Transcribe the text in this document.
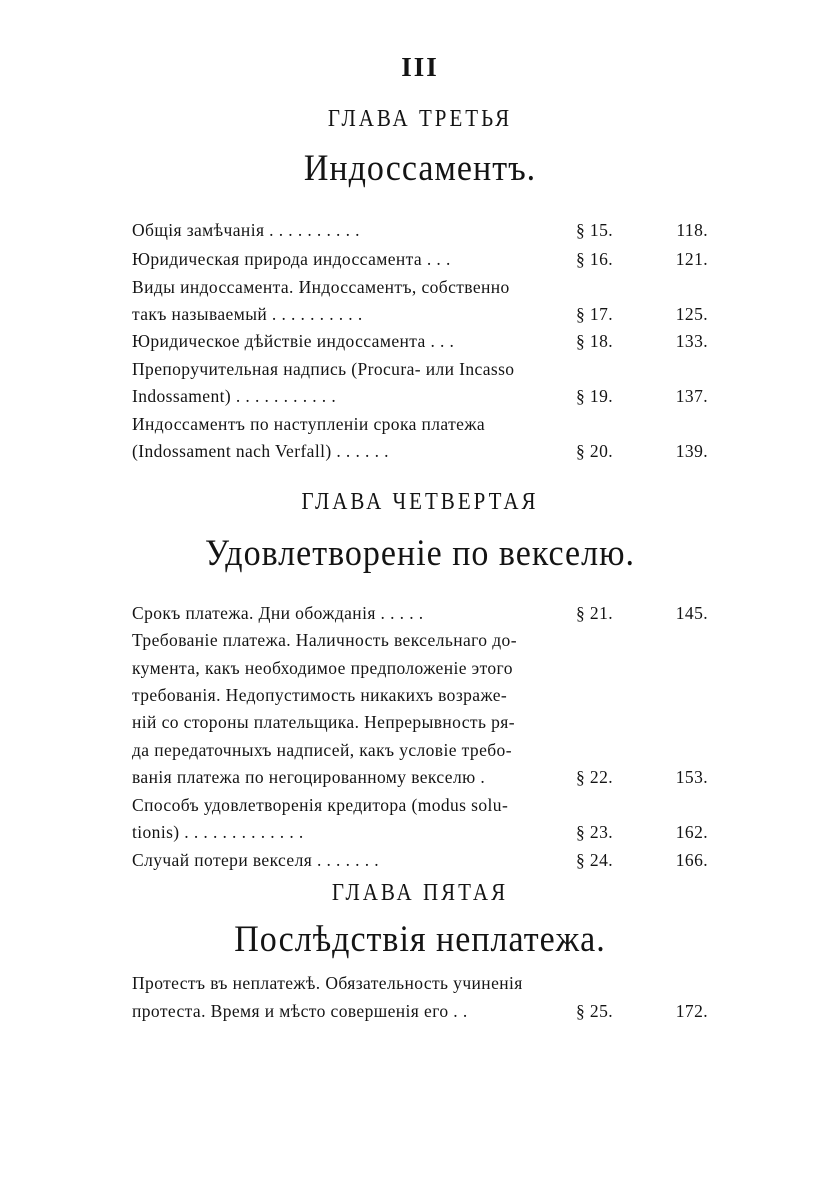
III
ГЛАВА ТРЕТЬЯ
Индоссаментъ.
Общія замѣчанія . . . . . . . . . .	§ 15.	118.
Юридическая природа индоссамента . . .	§ 16.	121.
Виды индоссамента. Индоссаментъ, собственно
такъ называемый . . . . . . . . . .	§ 17.	125.
Юридическое дѣйствіе индоссамента . . .	§ 18.	133.
Препоручительная надпись (Procura- или Incasso
Indossament) . . . . . . . . . . .	§ 19.	137.
Индоссаментъ по наступленіи срока платежа
(Indossament nach Verfall) . . . . . .	§ 20.	139.
ГЛАВА ЧЕТВЕРТАЯ
Удовлетвореніе по векселю.
Срокъ платежа. Дни обожданія . . . . .	§ 21.	145.
Требованіе платежа. Наличность вексельнаго до-
кумента, какъ необходимое предположеніе этого
требованія. Недопустимость никакихъ возраже-
ній со стороны плательщика. Непрерывность ря-
да передаточныхъ надписей, какъ условіе требо-
ванія платежа по негоцированному векселю .	§ 22.	153.
Способъ удовлетворенія кредитора (modus solu-
tionis) . . . . . . . . . . . . .	§ 23.	162.
Случай потери векселя . . . . . . .	§ 24.	166.
ГЛАВА ПЯТАЯ
Послѣдствія неплатежа.
Протестъ въ неплатежѣ. Обязательность учиненія
протеста. Время и мѣсто совершенія его . .	§ 25.	172.
